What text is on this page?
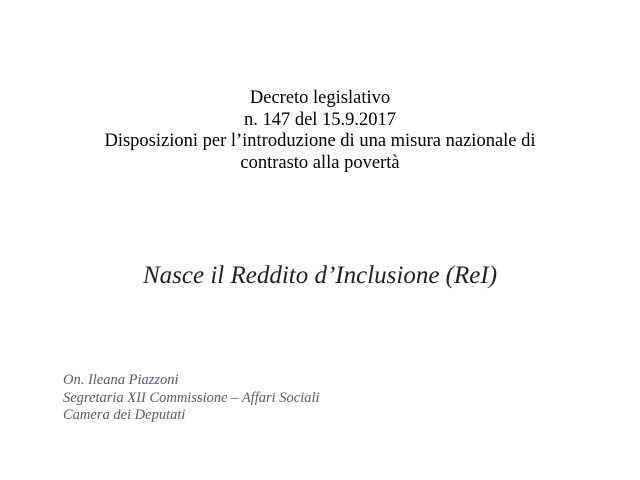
Decreto legislativo
n. 147 del 15.9.2017
Disposizioni per l’introduzione di una misura nazionale di
contrasto alla povertà
Nasce il Reddito d’Inclusione (ReI)
On. Ileana Piazzoni
Segretaria XII Commissione – Affari Sociali
Camera dei Deputati
